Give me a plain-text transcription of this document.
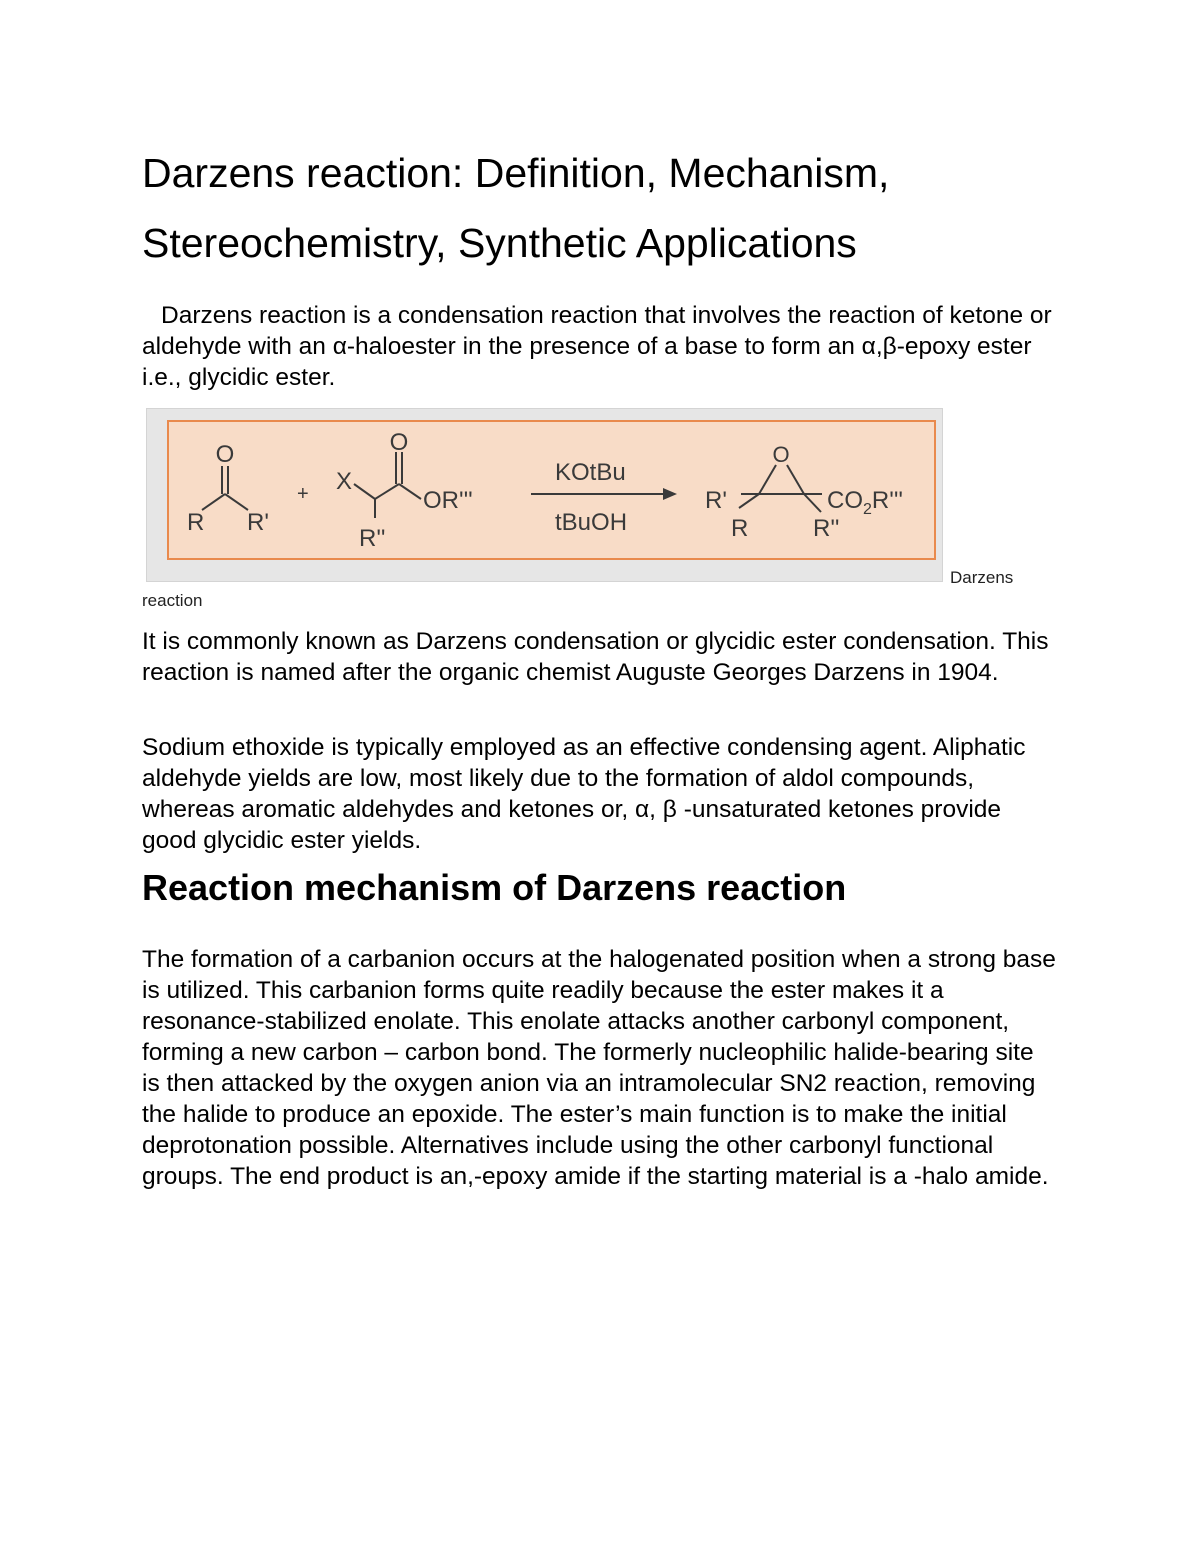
Darzens reaction: Definition, Mechanism,
Stereochemistry, Synthetic Applications

Darzens reaction is a condensation reaction that involves the reaction of ketone or aldehyde with an α-haloester in the presence of a base to form an α,β-epoxy ester i.e., glycidic ester.

O
R R'
+
O
X
OR'''
R''
KOtBu
tBuOH
O
R'
R	R''
$CO_2R'''$
Darzens
reaction

It is commonly known as Darzens condensation or glycidic ester condensation. This reaction is named after the organic chemist Auguste Georges Darzens in 1904.

Sodium ethoxide is typically employed as an effective condensing agent. Aliphatic aldehyde yields are low, most likely due to the formation of aldol compounds, whereas aromatic aldehydes and ketones or, α, β -unsaturated ketones provide good glycidic ester yields.

Reaction mechanism of Darzens reaction

The formation of a carbanion occurs at the halogenated position when a strong base is utilized. This carbanion forms quite readily because the ester makes it a resonance-stabilized enolate. This enolate attacks another carbonyl component, forming a new carbon – carbon bond. The formerly nucleophilic halide-bearing site is then attacked by the oxygen anion via an intramolecular SN2 reaction, removing the halide to produce an epoxide. The ester’s main function is to make the initial deprotonation possible. Alternatives include using the other carbonyl functional groups. The end product is an,-epoxy amide if the starting material is a -halo amide.
